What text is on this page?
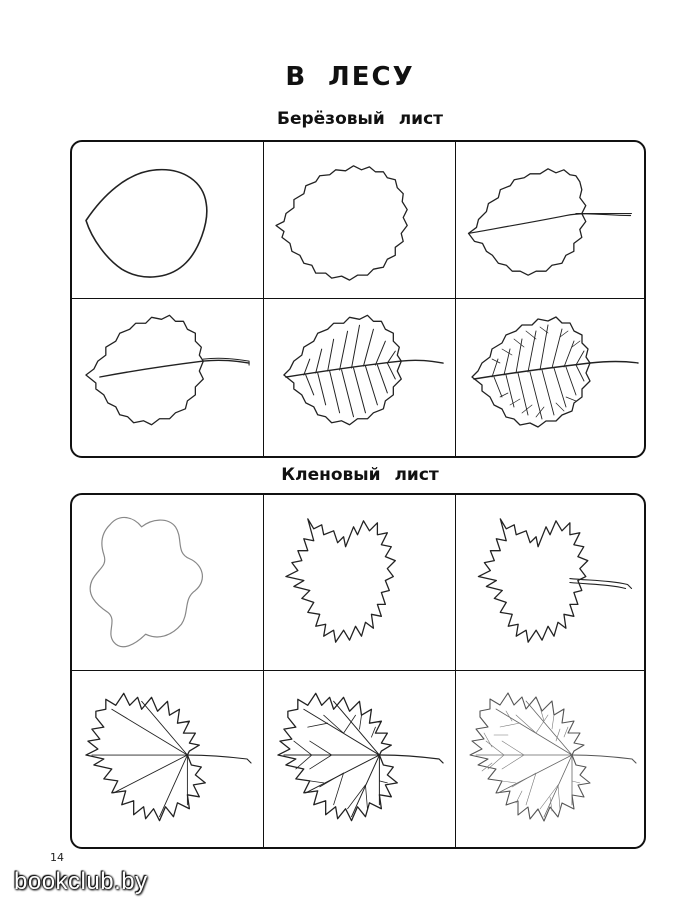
В ЛЕСУ
Берёзовый лист
Кленовый лист
14
bookclub.by
